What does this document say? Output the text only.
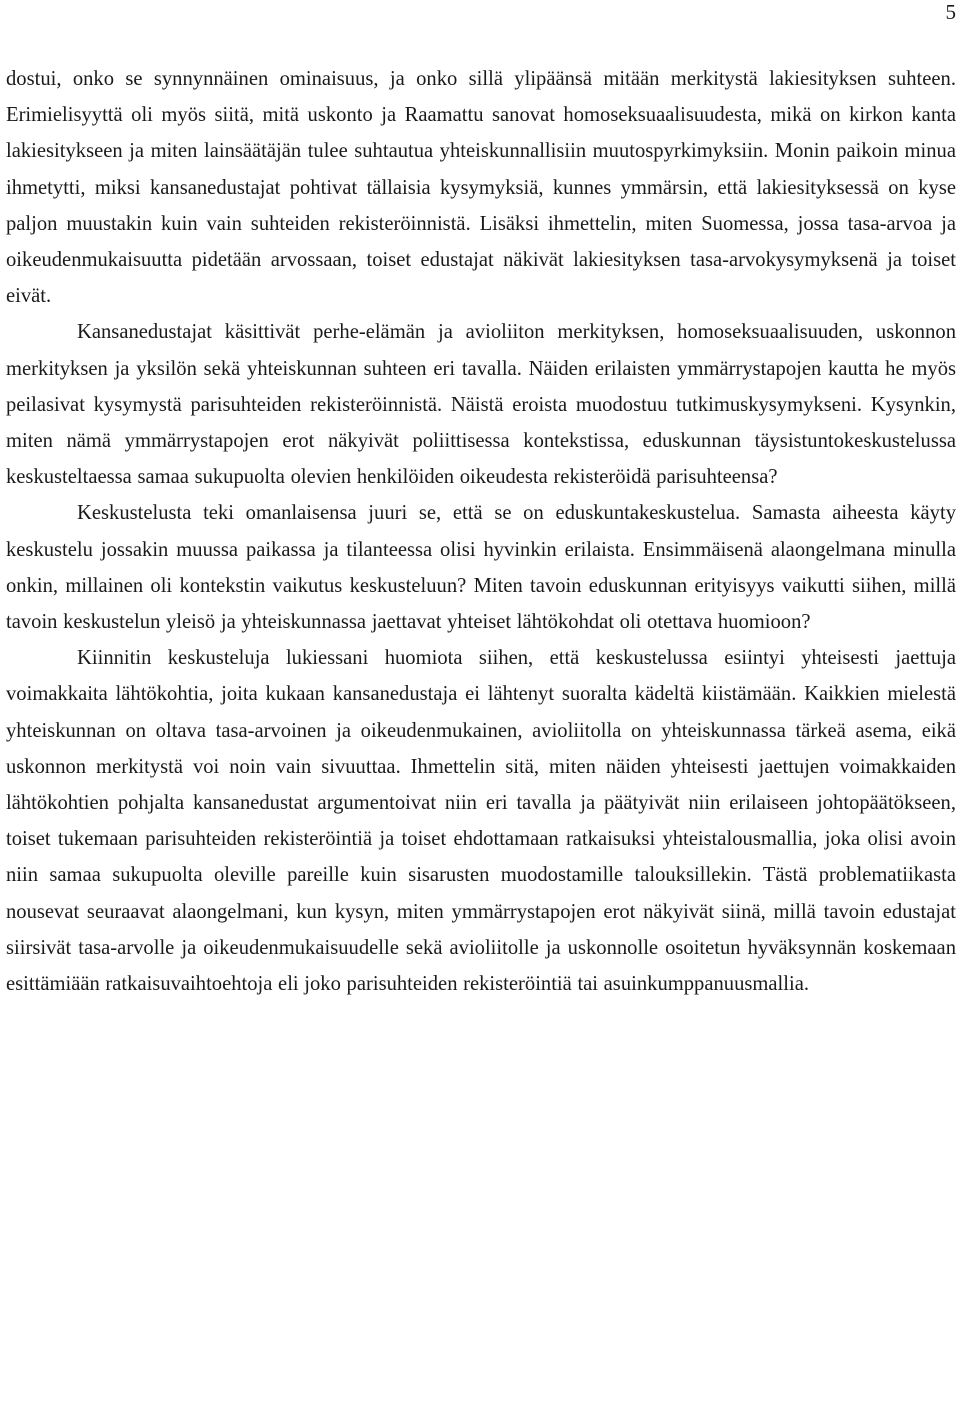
5

dostui, onko se synnynnäinen ominaisuus, ja onko sillä ylipäänsä mitään merkitystä lakiesityksen suhteen. Erimielisyyttä oli myös siitä, mitä uskonto ja Raamattu sanovat homoseksuaalisuudesta, mikä on kirkon kanta lakiesitykseen ja miten lainsäätäjän tulee suhtautua yhteiskunnallisiin muutospyrkimyksiin. Monin paikoin minua ihmetytti, miksi kansanedustajat pohtivat tällaisia kysymyksiä, kunnes ymmärsin, että lakiesityksessä on kyse paljon muustakin kuin vain suhteiden rekisteröinnistä. Lisäksi ihmettelin, miten Suomessa, jossa tasa-arvoa ja oikeudenmukaisuutta pidetään arvossaan, toiset edustajat näkivät lakiesityksen tasa-arvokysymyksenä ja toiset eivät.

Kansanedustajat käsittivät perhe-elämän ja avioliiton merkityksen, homoseksuaalisuuden, uskonnon merkityksen ja yksilön sekä yhteiskunnan suhteen eri tavalla. Näiden erilaisten ymmärrystapojen kautta he myös peilasivat kysymystä parisuhteiden rekisteröinnistä. Näistä eroista muodostuu tutkimuskysymykseni. Kysynkin, miten nämä ymmärrystapojen erot näkyivät poliittisessa kontekstissa, eduskunnan täysistuntokeskustelussa keskusteltaessa samaa sukupuolta olevien henkilöiden oikeudesta rekisteröidä parisuhteensa?

Keskustelusta teki omanlaisensa juuri se, että se on eduskuntakeskustelua. Samasta aiheesta käyty keskustelu jossakin muussa paikassa ja tilanteessa olisi hyvinkin erilaista. Ensimmäisenä alaongelmana minulla onkin, millainen oli kontekstin vaikutus keskusteluun? Miten tavoin eduskunnan erityisyys vaikutti siihen, millä tavoin keskustelun yleisö ja yhteiskunnassa jaettavat yhteiset lähtökohdat oli otettava huomioon?

Kiinnitin keskusteluja lukiessani huomiota siihen, että keskustelussa esiintyi yhteisesti jaettuja voimakkaita lähtökohtia, joita kukaan kansanedustaja ei lähtenyt suoralta kädeltä kiistämään. Kaikkien mielestä yhteiskunnan on oltava tasa-arvoinen ja oikeudenmukainen, avioliitolla on yhteiskunnassa tärkeä asema, eikä uskonnon merkitystä voi noin vain sivuuttaa. Ihmettelin sitä, miten näiden yhteisesti jaettujen voimakkaiden lähtökohtien pohjalta kansanedustat argumentoivat niin eri tavalla ja päätyivät niin erilaiseen johtopäätökseen, toiset tukemaan parisuhteiden rekisteröintiä ja toiset ehdottamaan ratkaisuksi yhteistalousmallia, joka olisi avoin niin samaa sukupuolta oleville pareille kuin sisarusten muodostamille talouksillekin. Tästä problematiikasta nousevat seuraavat alaongelmani, kun kysyn, miten ymmärrystapojen erot näkyivät siinä, millä tavoin edustajat siirsivät tasa-arvolle ja oikeudenmukaisuudelle sekä avioliitolle ja uskonnolle osoitetun hyväksynnän koskemaan esittämiään ratkaisuvaihtoehtoja eli joko parisuhteiden rekisteröintiä tai asuinkumppanuusmallia.
